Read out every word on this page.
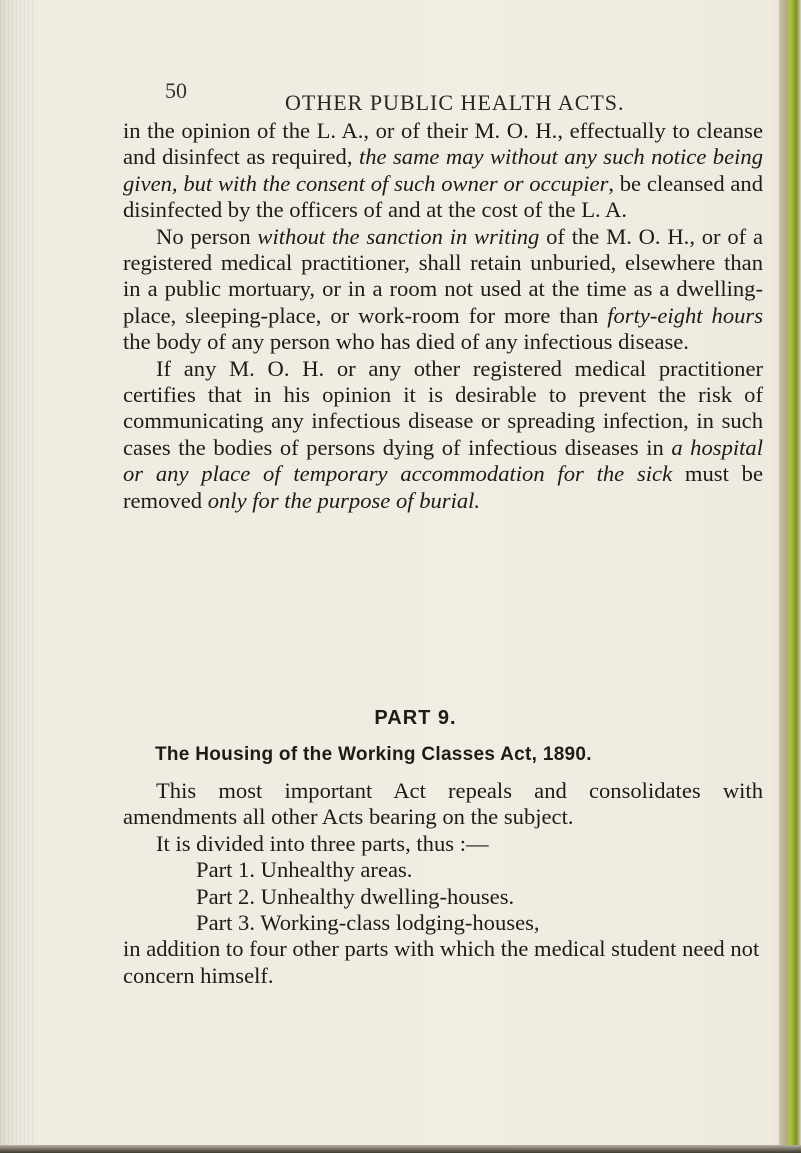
50	OTHER PUBLIC HEALTH ACTS.

in the opinion of the L. A., or of their M. O. H., effectually to cleanse and disinfect as required, the same may without any such notice being given, but with the consent of such owner or occupier, be cleansed and disinfected by the officers of and at the cost of the L. A.

No person without the sanction in writing of the M. O. H., or of a registered medical practitioner, shall retain unburied, elsewhere than in a public mortuary, or in a room not used at the time as a dwelling-place, sleeping-place, or work-room for more than forty-eight hours the body of any person who has died of any infectious disease.

If any M. O. H. or any other registered medical practitioner certifies that in his opinion it is desirable to prevent the risk of communicating any infectious disease or spreading infection, in such cases the bodies of persons dying of infectious diseases in a hospital or any place of temporary accommodation for the sick must be removed only for the purpose of burial.

PART 9.
The Housing of the Working Classes Act, 1890.

This most important Act repeals and consolidates with amendments all other Acts bearing on the subject.

It is divided into three parts, thus :—

Part 1. Unhealthy areas.

Part 2. Unhealthy dwelling-houses.

Part 3. Working-class lodging-houses,

in addition to four other parts with which the medical student need not concern himself.
